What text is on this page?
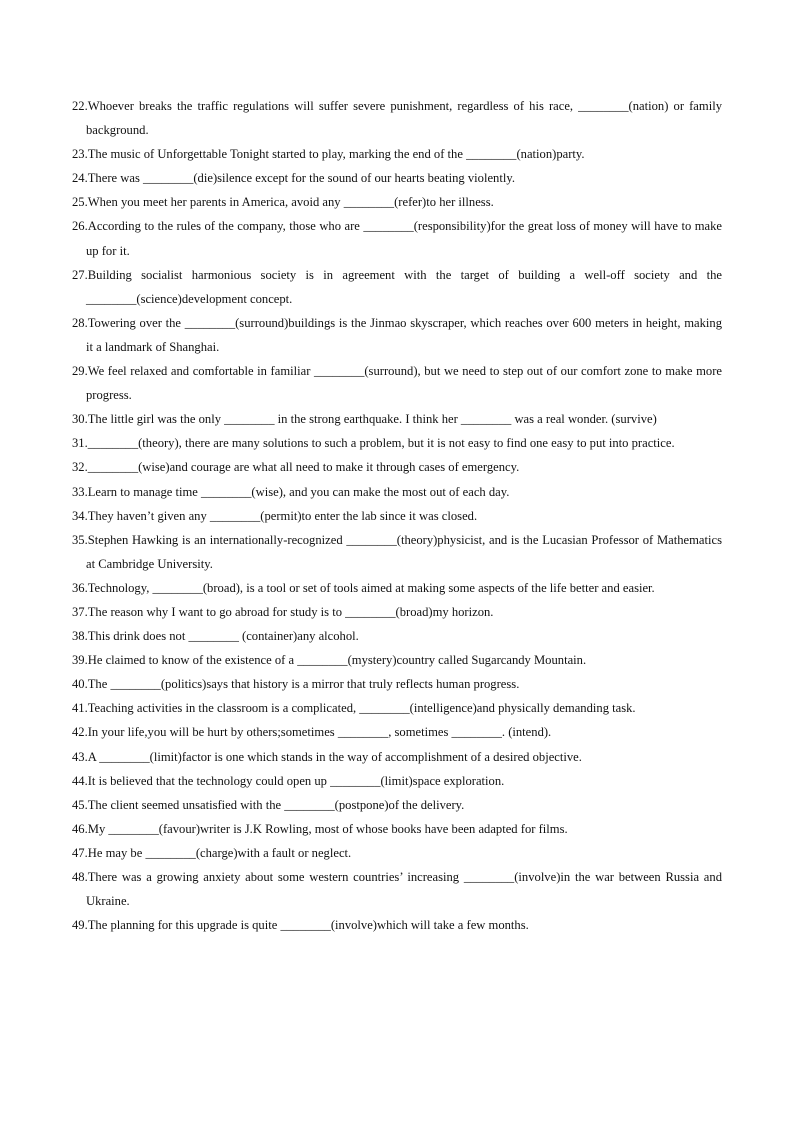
22.Whoever breaks the traffic regulations will suffer severe punishment, regardless of his race, ________(nation) or family background.

23.The music of Unforgettable Tonight started to play, marking the end of the ________(nation)party.

24.There was ________(die)silence except for the sound of our hearts beating violently.

25.When you meet her parents in America, avoid any ________(refer)to her illness.

26.According to the rules of the company, those who are ________(responsibility)for the great loss of money will have to make up for it.

27.Building socialist harmonious society is in agreement with the target of building a well-off society and the ________(science)development concept.

28.Towering over the ________(surround)buildings is the Jinmao skyscraper, which reaches over 600 meters in height, making it a landmark of Shanghai.

29.We feel relaxed and comfortable in familiar ________(surround), but we need to step out of our comfort zone to make more progress.

30.The little girl was the only ________ in the strong earthquake. I think her ________ was a real wonder. (survive)

31.________(theory), there are many solutions to such a problem, but it is not easy to find one easy to put into practice.

32.________(wise)and courage are what all need to make it through cases of emergency.

33.Learn to manage time ________(wise), and you can make the most out of each day.

34.They haven’t given any ________(permit)to enter the lab since it was closed.

35.Stephen Hawking is an internationally-recognized ________(theory)physicist, and is the Lucasian Professor of Mathematics at Cambridge University.

36.Technology, ________(broad), is a tool or set of tools aimed at making some aspects of the life better and easier.

37.The reason why I want to go abroad for study is to ________(broad)my horizon.

38.This drink does not ________ (container)any alcohol.

39.He claimed to know of the existence of a ________(mystery)country called Sugarcandy Mountain.

40.The ________(politics)says that history is a mirror that truly reflects human progress.

41.Teaching activities in the classroom is a complicated, ________(intelligence)and physically demanding task.

42.In your life,you will be hurt by others;sometimes ________, sometimes ________. (intend).

43.A ________(limit)factor is one which stands in the way of accomplishment of a desired objective.

44.It is believed that the technology could open up ________(limit)space exploration.

45.The client seemed unsatisfied with the ________(postpone)of the delivery.

46.My ________(favour)writer is J.K Rowling, most of whose books have been adapted for films.

47.He may be ________(charge)with a fault or neglect.

48.There was a growing anxiety about some western countries’ increasing ________(involve)in the war between Russia and Ukraine.

49.The planning for this upgrade is quite ________(involve)which will take a few months.
